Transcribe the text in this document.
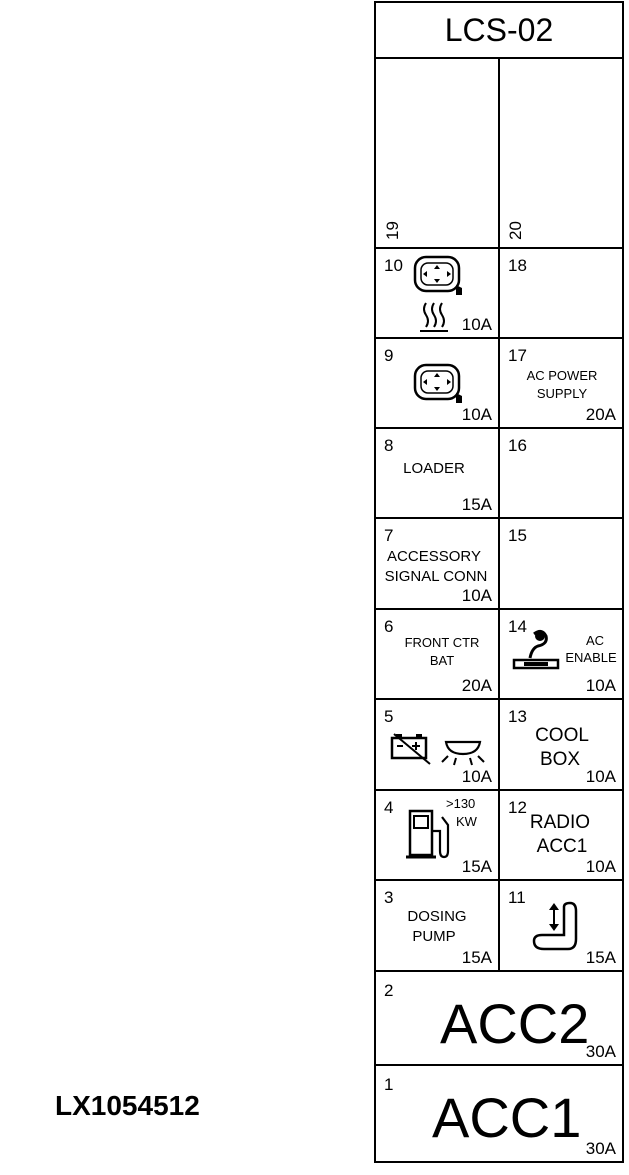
LX1054512
LCS-02
19	20
10
10A
9
10A
8
LOADER
15A
7
ACCESSORY
SIGNAL CONN
10A
6
FRONT CTR
BAT
20A
5
10A
4	>130
KW
15A
3
DOSING
PUMP
15A
18
17
AC POWER
SUPPLY
20A
16
15
14
AC
ENABLE
10A
13
COOL
BOX
10A
12
RADIO
ACC1
10A
11
15A
2
ACC2
30A
1
ACC1 30A
